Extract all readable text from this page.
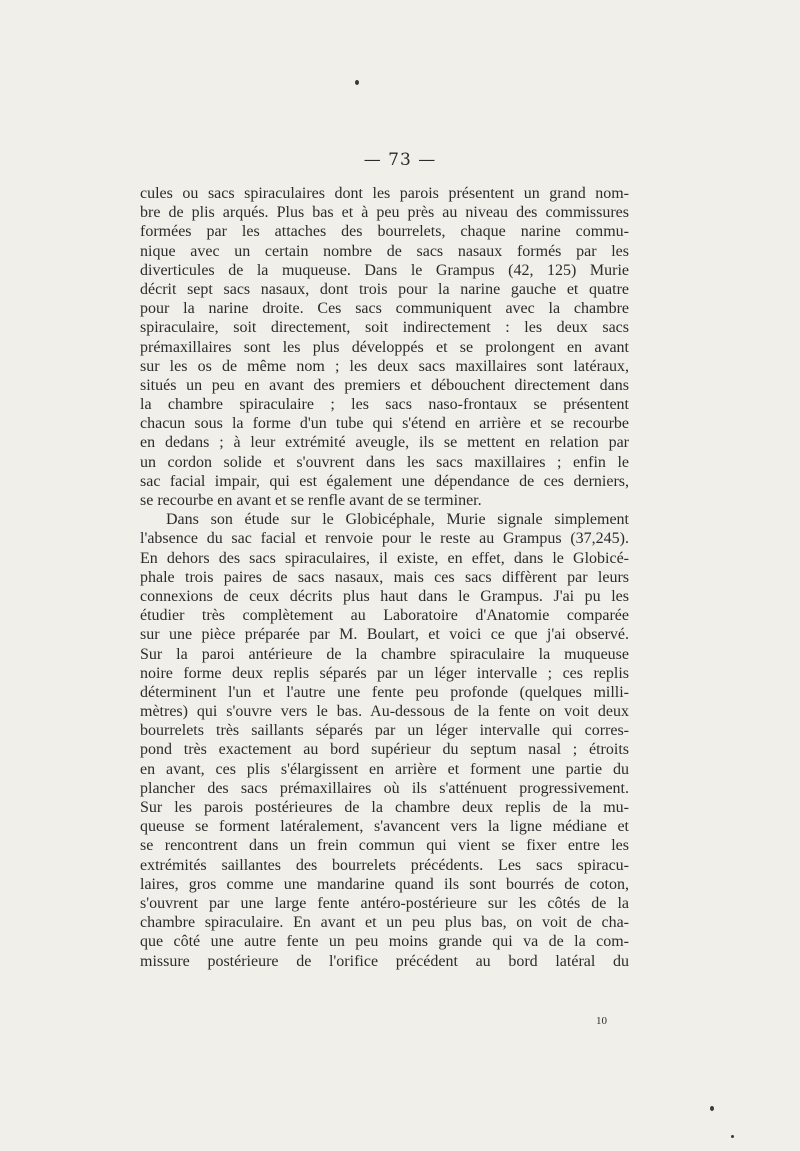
— 73 —
cules ou sacs spiraculaires dont les parois présentent un grand nom-
bre de plis arqués. Plus bas et à peu près au niveau des commissures
formées par les attaches des bourrelets, chaque narine commu-
nique avec un certain nombre de sacs nasaux formés par les
diverticules de la muqueuse. Dans le Grampus (42, 125) Murie
décrit sept sacs nasaux, dont trois pour la narine gauche et quatre
pour la narine droite. Ces sacs communiquent avec la chambre
spiraculaire, soit directement, soit indirectement : les deux sacs
prémaxillaires sont les plus développés et se prolongent en avant
sur les os de même nom ; les deux sacs maxillaires sont latéraux,
situés un peu en avant des premiers et débouchent directement dans
la chambre spiraculaire ; les sacs naso-frontaux se présentent
chacun sous la forme d'un tube qui s'étend en arrière et se recourbe
en dedans ; à leur extrémité aveugle, ils se mettent en relation par
un cordon solide et s'ouvrent dans les sacs maxillaires ; enfin le
sac facial impair, qui est également une dépendance de ces derniers,
se recourbe en avant et se renfle avant de se terminer.
Dans son étude sur le Globicéphale, Murie signale simplement
l'absence du sac facial et renvoie pour le reste au Grampus (37,245).
En dehors des sacs spiraculaires, il existe, en effet, dans le Globicé-
phale trois paires de sacs nasaux, mais ces sacs diffèrent par leurs
connexions de ceux décrits plus haut dans le Grampus. J'ai pu les
étudier très complètement au Laboratoire d'Anatomie comparée
sur une pièce préparée par M. Boulart, et voici ce que j'ai observé.
Sur la paroi antérieure de la chambre spiraculaire la muqueuse
noire forme deux replis séparés par un léger intervalle ; ces replis
déterminent l'un et l'autre une fente peu profonde (quelques milli-
mètres) qui s'ouvre vers le bas. Au-dessous de la fente on voit deux
bourrelets très saillants séparés par un léger intervalle qui corres-
pond très exactement au bord supérieur du septum nasal ; étroits
en avant, ces plis s'élargissent en arrière et forment une partie du
plancher des sacs prémaxillaires où ils s'atténuent progressivement.
Sur les parois postérieures de la chambre deux replis de la mu-
queuse se forment latéralement, s'avancent vers la ligne médiane et
se rencontrent dans un frein commun qui vient se fixer entre les
extrémités saillantes des bourrelets précédents. Les sacs spiracu-
laires, gros comme une mandarine quand ils sont bourrés de coton,
s'ouvrent par une large fente antéro-postérieure sur les côtés de la
chambre spiraculaire. En avant et un peu plus bas, on voit de cha-
que côté une autre fente un peu moins grande qui va de la com-
missure postérieure de l'orifice précédent au bord latéral du
10
